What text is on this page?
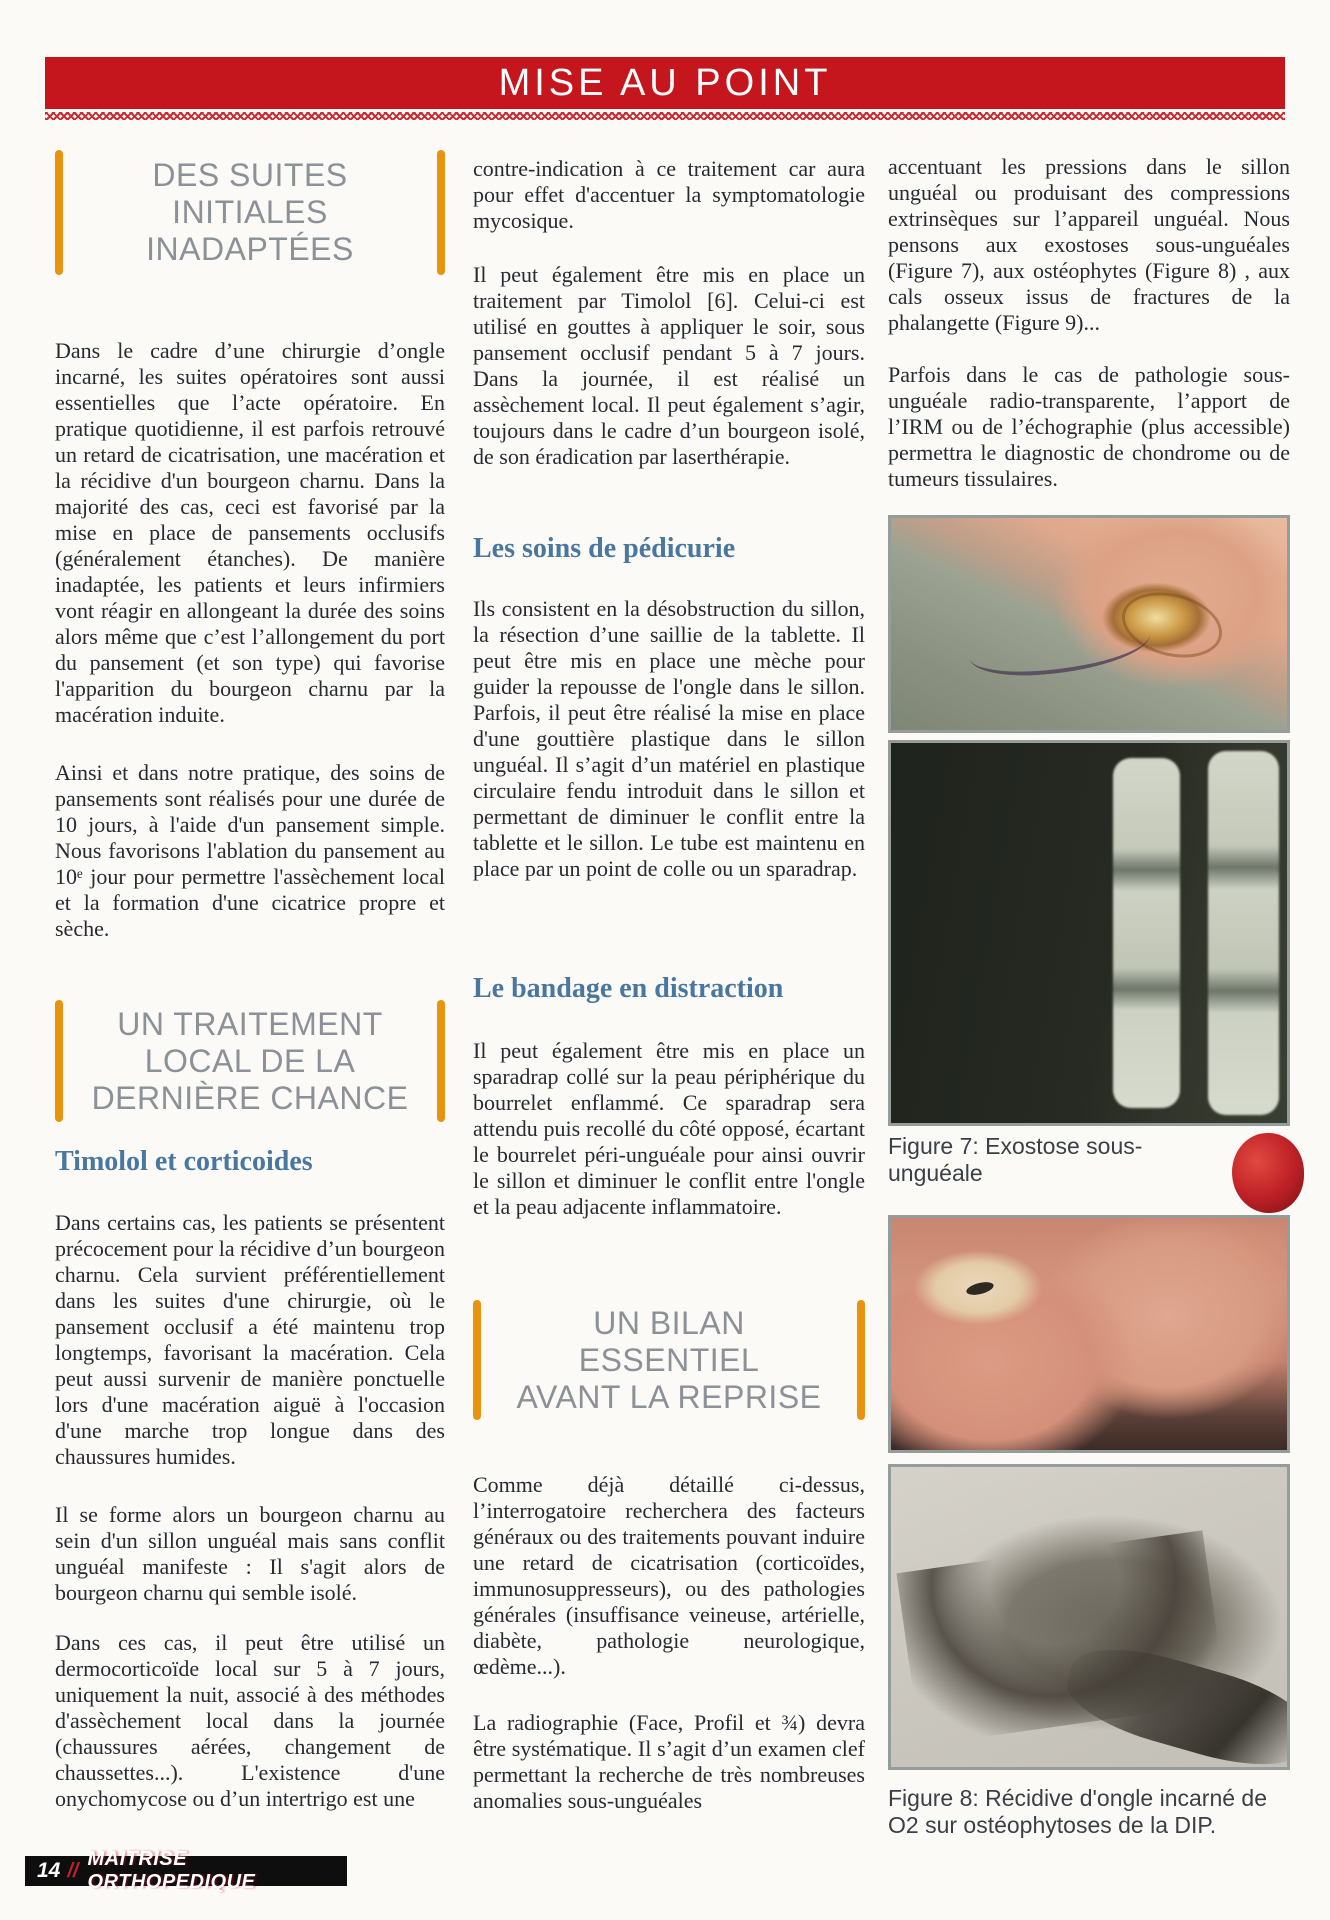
MISE AU POINT
DES SUITES
INITIALES
INADAPTÉES

Dans le cadre d’une chirurgie d’ongle incarné, les suites opératoires sont aussi essentielles que l’acte opératoire. En pratique quotidienne, il est parfois retrouvé un retard de cicatrisation, une macération et la récidive d'un bourgeon charnu. Dans la majorité des cas, ceci est favorisé par la mise en place de pansements occlusifs (généralement étanches). De manière inadaptée, les patients et leurs infirmiers vont réagir en allongeant la durée des soins alors même que c’est l’allongement du port du pansement (et son type) qui favorise l'apparition du bourgeon charnu par la macération induite.

Ainsi et dans notre pratique, des soins de pansements sont réalisés pour une durée de 10 jours, à l'aide d'un pansement simple. Nous favorisons l'ablation du pansement au 10ᵉ jour pour permettre l'assèchement local et la formation d'une cicatrice propre et sèche.

UN TRAITEMENT
LOCAL DE LA
DERNIÈRE CHANCE
Timolol et corticoides

Dans certains cas, les patients se présentent précocement pour la récidive d’un bourgeon charnu. Cela survient préférentiellement dans les suites d'une chirurgie, où le pansement occlusif a été maintenu trop longtemps, favorisant la macération. Cela peut aussi survenir de manière ponctuelle lors d'une macération aiguë à l'occasion d'une marche trop longue dans des chaussures humides.

Il se forme alors un bourgeon charnu au sein d'un sillon unguéal mais sans conflit unguéal manifeste : Il s'agit alors de bourgeon charnu qui semble isolé.

Dans ces cas, il peut être utilisé un dermocorticoïde local sur 5 à 7 jours, uniquement la nuit, associé à des méthodes d'assèchement local dans la journée (chaussures aérées, changement de chaussettes...). L'existence d'une onychomycose ou d’un intertrigo est une

contre-indication à ce traitement car aura pour effet d'accentuer la symptomatologie mycosique.

Il peut également être mis en place un traitement par Timolol [6]. Celui-ci est utilisé en gouttes à appliquer le soir, sous pansement occlusif pendant 5 à 7 jours. Dans la journée, il est réalisé un assèchement local. Il peut également s’agir, toujours dans le cadre d’un bourgeon isolé, de son éradication par laserthérapie.

Les soins de pédicurie

Ils consistent en la désobstruction du sillon, la résection d’une saillie de la tablette. Il peut être mis en place une mèche pour guider la repousse de l'ongle dans le sillon. Parfois, il peut être réalisé la mise en place d'une gouttière plastique dans le sillon unguéal. Il s’agit d’un matériel en plastique circulaire fendu introduit dans le sillon et permettant de diminuer le conflit entre la tablette et le sillon. Le tube est maintenu en place par un point de colle ou un sparadrap.

Le bandage en distraction

Il peut également être mis en place un sparadrap collé sur la peau périphérique du bourrelet enflammé. Ce sparadrap sera attendu puis recollé du côté opposé, écartant le bourrelet péri-unguéale pour ainsi ouvrir le sillon et diminuer le conflit entre l'ongle et la peau adjacente inflammatoire.

UN BILAN
ESSENTIEL
AVANT LA REPRISE

Comme déjà détaillé ci-dessus, l’interrogatoire recherchera des facteurs généraux ou des traitements pouvant induire une retard de cicatrisation (corticoïdes, immunosuppresseurs), ou des pathologies générales (insuffisance veineuse, artérielle, diabète, pathologie neurologique, œdème...).

La radiographie (Face, Profil et ¾) devra être systématique. Il s’agit d’un examen clef permettant la recherche de très nombreuses anomalies sous-unguéales

accentuant les pressions dans le sillon unguéal ou produisant des compressions extrinsèques sur l’appareil unguéal. Nous pensons aux exostoses sous-unguéales (Figure 7), aux ostéophytes (Figure 8) , aux cals osseux issus de fractures de la phalangette (Figure 9)...

Parfois dans le cas de pathologie sous-unguéale radio-transparente, l’apport de l’IRM ou de l’échographie (plus accessible) permettra le diagnostic de chondrome ou de tumeurs tissulaires.

Figure 7: Exostose sous-unguéale
Figure 8: Récidive d'ongle incarné de O2 sur ostéophytoses de la DIP.
14 //
MAITRISE ORTHOPEDIQUE
